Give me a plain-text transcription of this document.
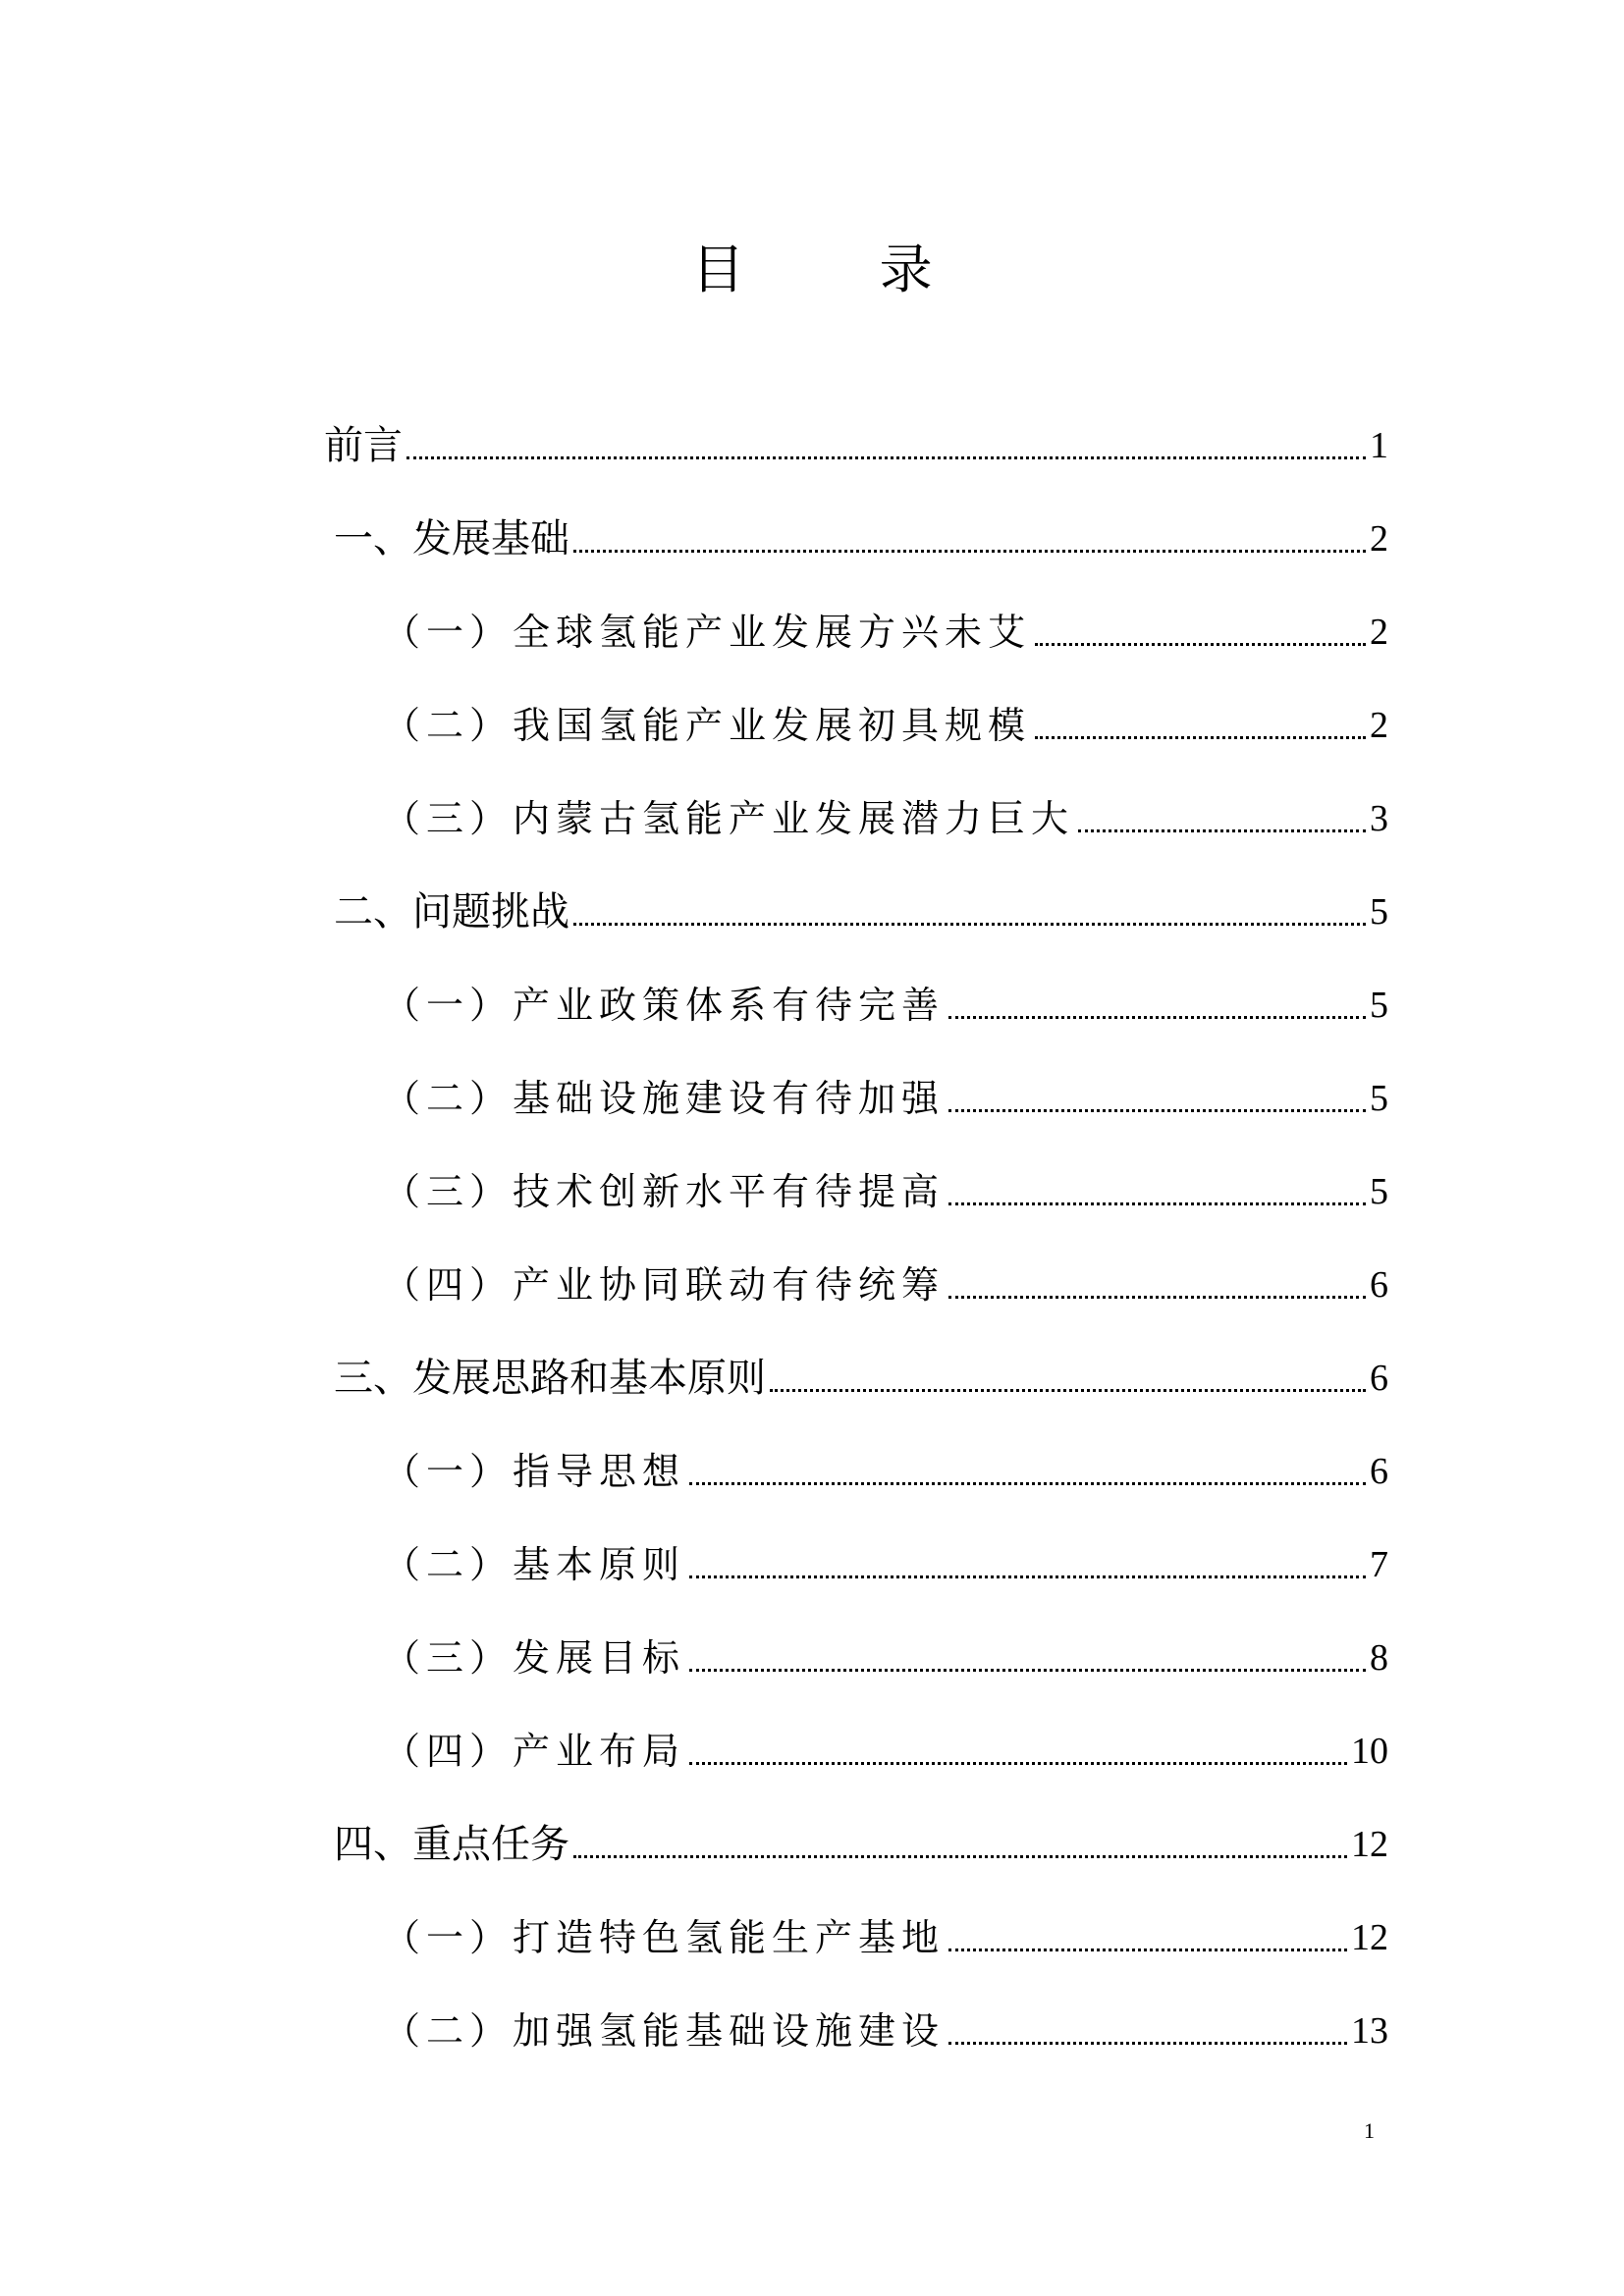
目 录
前言	1
一、发展基础	2
（一）全球氢能产业发展方兴未艾	2
（二）我国氢能产业发展初具规模	2
（三）内蒙古氢能产业发展潜力巨大	3
二、问题挑战	5
（一）产业政策体系有待完善	5
（二）基础设施建设有待加强	5
（三）技术创新水平有待提高	5
（四）产业协同联动有待统筹	6
三、发展思路和基本原则	6
（一）指导思想	6
（二）基本原则	7
（三）发展目标	8
（四）产业布局	10
四、重点任务	12
（一）打造特色氢能生产基地	12
（二）加强氢能基础设施建设	13
1
